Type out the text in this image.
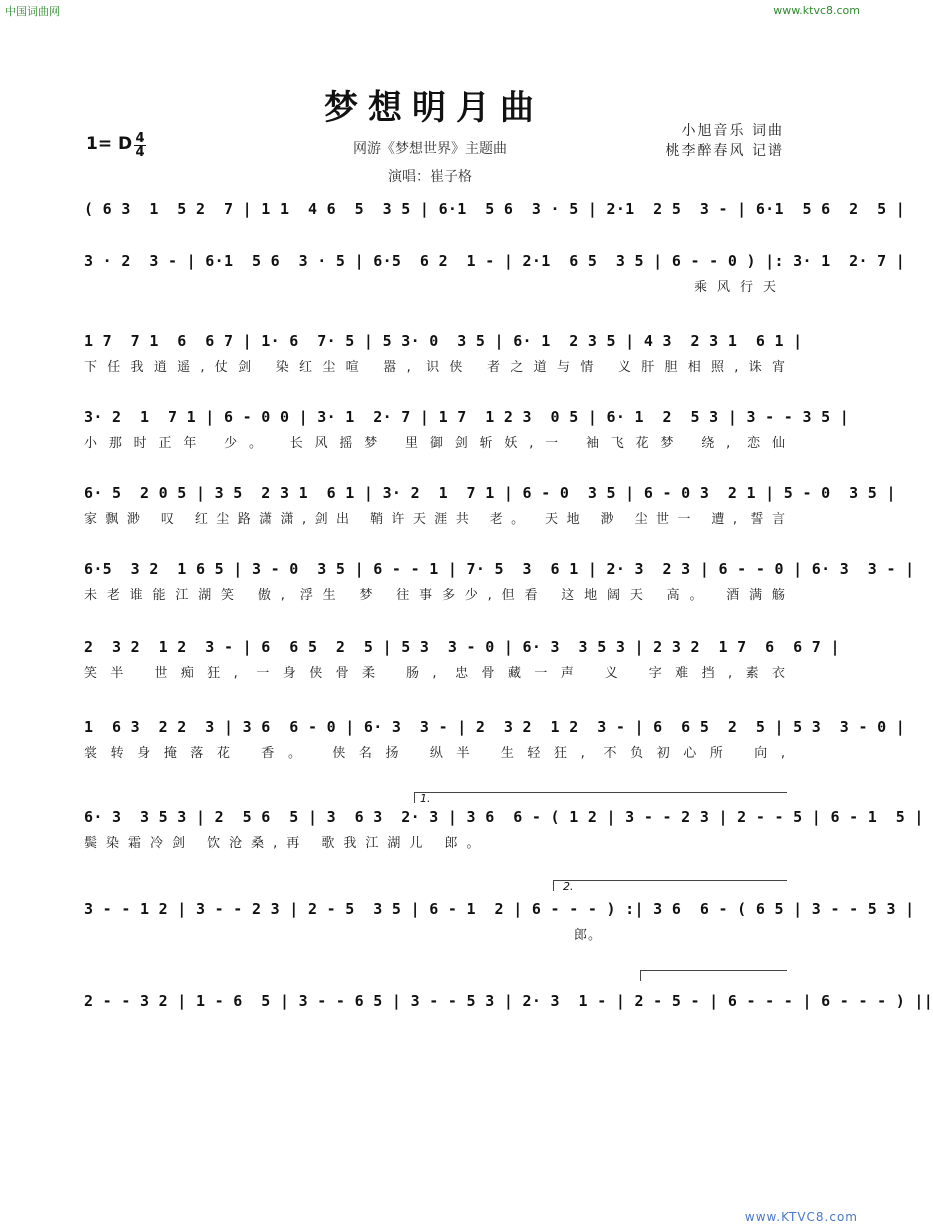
中国词曲网	www.ktvc8.com
www.KTVC8.com
梦想明月曲
1= D 4
4	网游《梦想世界》主题曲
演唱：崔子格
小旭音乐 词曲
桃李醉春风 记谱
( 6 3  1  5 2  7 | 1 1  4 6  5  3 5 | 6·1  5 6  3 · 5 | 2·1  2 5  3 - | 6·1  5 6  2  5 |
3 · 2  3 - | 6·1  5 6  3 · 5 | 6·5  6 2  1 - | 2·1  6 5  3 5 | 6 - - 0 ) |: 3· 1  2· 7 |
乘风行天
1 7  7 1  6  6 7 | 1· 6  7· 5 | 5 3· 0  3 5 | 6· 1  2 3 5 | 4 3  2 3 1  6 1 |
下任我逍遥,仗剑 染红尘喧 嚣, 识侠 者之道与情 义肝胆相照,诛宵
3· 2  1  7 1 | 6 - 0 0 | 3· 1  2· 7 | 1 7  1 2 3  0 5 | 6· 1  2  5 3 | 3 - - 3 5 |
小那时正年 少。 长风摇梦 里御剑斩妖,一 袖飞花梦 绕, 恋仙
6· 5  2 0 5 | 3 5  2 3 1  6 1 | 3· 2  1  7 1 | 6 - 0  3 5 | 6 - 0 3  2 1 | 5 - 0  3 5 |
家飘渺 叹 红尘路潇潇,剑出 鞘许天涯共 老。 天地 渺 尘世一 遭, 誓言
6·5  3 2  1 6 5 | 3 - 0  3 5 | 6 - - 1 | 7· 5  3  6 1 | 2· 3  2 3 | 6 - - 0 | 6· 3  3 - |
未老谁能江湖笑 傲, 浮生 梦 往事多少,但看 这地阔天 高。 酒满觞
2  3 2  1 2  3 - | 6  6 5  2  5 | 5 3  3 - 0 | 6· 3  3 5 3 | 2 3 2  1 7  6  6 7 |
笑半 世痴狂, 一身侠骨柔 肠, 忠骨藏一声 义 字难挡,素衣
1  6 3  2 2  3 | 3 6  6 - 0 | 6· 3  3 - | 2  3 2  1 2  3 - | 6  6 5  2  5 | 5 3  3 - 0 |
裳转身掩落花 香。 侠名扬 纵半 生轻狂, 不负初心所 向,
1.
6· 3  3 5 3 | 2  5 6  5 | 3  6 3  2· 3 | 3 6  6 - ( 1 2 | 3 - - 2 3 | 2 - - 5 | 6 - 1  5 |
鬓染霜冷剑 饮沧桑,再 歌我江湖儿 郎。
2.
3 - - 1 2 | 3 - - 2 3 | 2 - 5  3 5 | 6 - 1  2 | 6 - - - ) :| 3 6  6 - ( 6 5 | 3 - - 5 3 |
郎。
2 - - 3 2 | 1 - 6  5 | 3 - - 6 5 | 3 - - 5 3 | 2· 3  1 - | 2 - 5 - | 6 - - - | 6 - - - ) ||
